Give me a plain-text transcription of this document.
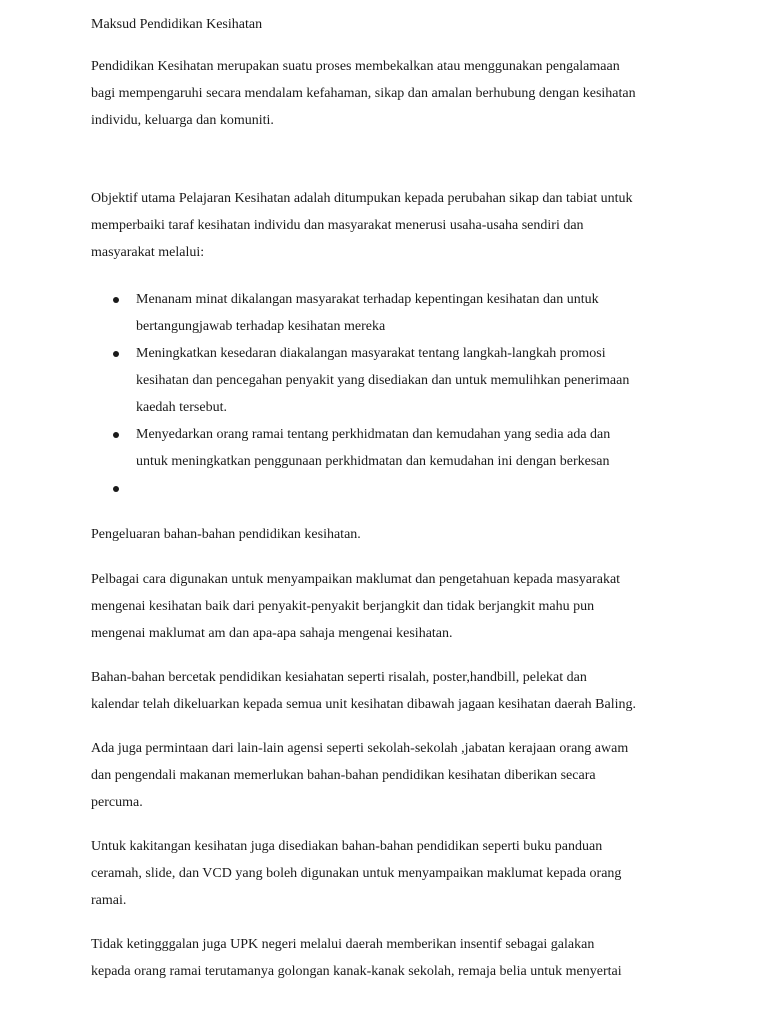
Maksud Pendidikan Kesihatan

Pendidikan Kesihatan merupakan suatu proses membekalkan atau menggunakan pengalamaan
bagi mempengaruhi secara mendalam kefahaman, sikap dan amalan berhubung dengan kesihatan
individu, keluarga dan komuniti.

Objektif utama Pelajaran Kesihatan adalah ditumpukan kepada perubahan sikap dan tabiat untuk
memperbaiki taraf kesihatan individu dan masyarakat menerusi usaha-usaha sendiri dan
masyarakat melalui:

Menanam minat dikalangan masyarakat terhadap kepentingan kesihatan dan untuk
bertangungjawab terhadap kesihatan mereka
Meningkatkan kesedaran diakalangan masyarakat tentang langkah-langkah promosi
kesihatan dan pencegahan penyakit yang disediakan dan untuk memulihkan penerimaan
kaedah tersebut.
Menyedarkan orang ramai tentang perkhidmatan dan kemudahan yang sedia ada dan
untuk meningkatkan penggunaan perkhidmatan dan kemudahan ini dengan berkesan

Pengeluaran bahan-bahan pendidikan kesihatan.

Pelbagai cara digunakan untuk menyampaikan maklumat dan pengetahuan kepada masyarakat
mengenai kesihatan baik dari penyakit-penyakit berjangkit dan tidak berjangkit mahu pun
mengenai maklumat am dan apa-apa sahaja mengenai kesihatan.

Bahan-bahan bercetak pendidikan kesiahatan seperti risalah, poster,handbill, pelekat dan
kalendar telah dikeluarkan kepada semua unit kesihatan dibawah jagaan kesihatan daerah Baling.

Ada juga permintaan dari lain-lain agensi seperti sekolah-sekolah ,jabatan kerajaan orang awam
dan pengendali makanan memerlukan bahan-bahan pendidikan kesihatan diberikan secara
percuma.

Untuk kakitangan kesihatan juga disediakan bahan-bahan pendidikan seperti buku panduan
ceramah, slide, dan VCD yang boleh digunakan untuk menyampaikan maklumat kepada orang
ramai.

Tidak ketingggalan juga UPK negeri melalui daerah memberikan insentif sebagai galakan
kepada orang ramai terutamanya golongan kanak-kanak sekolah, remaja belia untuk menyertai
